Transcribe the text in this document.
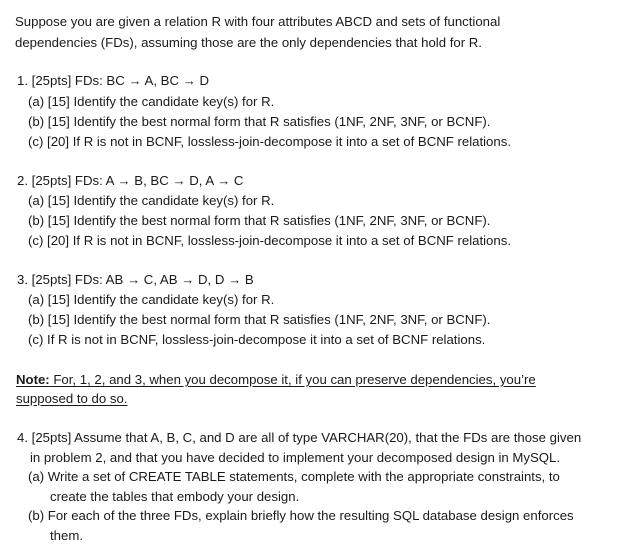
Suppose you are given a relation R with four attributes ABCD and sets of functional
dependencies (FDs), assuming those are the only dependencies that hold for R.
1. [25pts] FDs: BC → A, BC → D
(a) [15] Identify the candidate key(s) for R.
(b) [15] Identify the best normal form that R satisfies (1NF, 2NF, 3NF, or BCNF).
(c) [20] If R is not in BCNF, lossless-join-decompose it into a set of BCNF relations.
2. [25pts] FDs: A → B, BC → D, A → C
(a) [15] Identify the candidate key(s) for R.
(b) [15] Identify the best normal form that R satisfies (1NF, 2NF, 3NF, or BCNF).
(c) [20] If R is not in BCNF, lossless-join-decompose it into a set of BCNF relations.
3. [25pts] FDs: AB → C, AB → D, D → B
(a) [15] Identify the candidate key(s) for R.
(b) [15] Identify the best normal form that R satisfies (1NF, 2NF, 3NF, or BCNF).
(c) If R is not in BCNF, lossless-join-decompose it into a set of BCNF relations.
Note: For, 1, 2, and 3, when you decompose it, if you can preserve dependencies, you’re
supposed to do so.
4. [25pts] Assume that A, B, C, and D are all of type VARCHAR(20), that the FDs are those given
in problem 2, and that you have decided to implement your decomposed design in MySQL.
(a) Write a set of CREATE TABLE statements, complete with the appropriate constraints, to
create the tables that embody your design.
(b) For each of the three FDs, explain briefly how the resulting SQL database design enforces
them.
